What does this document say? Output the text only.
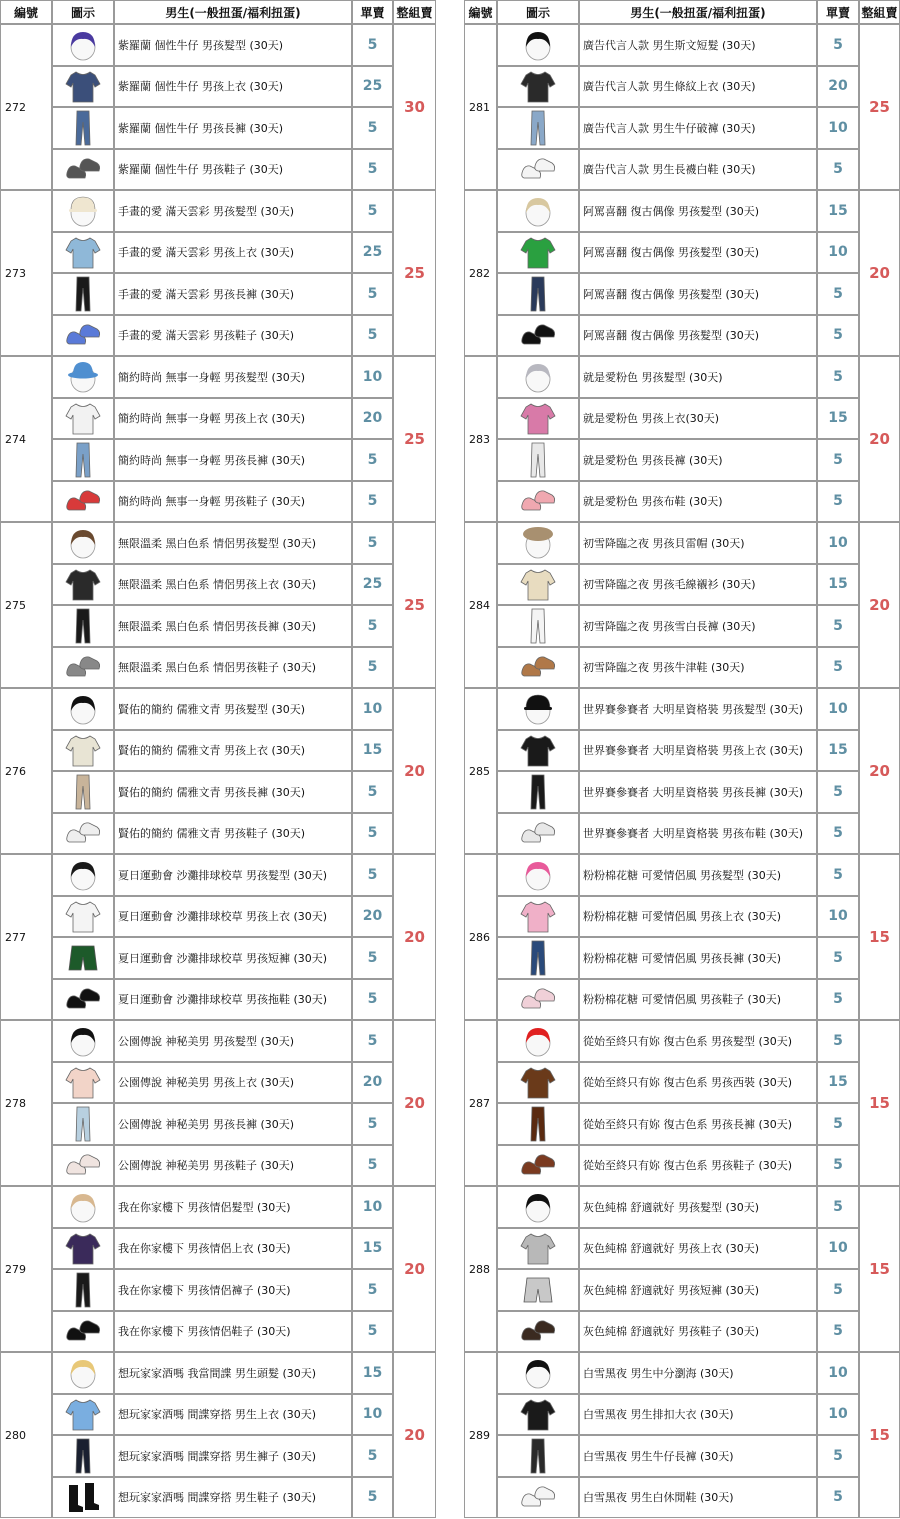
編號	圖示	男生(一般扭蛋/福利扭蛋)	單賣 整組賣	編號	圖示	男生(一般扭蛋/福利扭蛋)	單賣 整組賣
272	30
紫羅蘭 個性牛仔 男孩髮型 (30天)	5
紫羅蘭 個性牛仔 男孩上衣 (30天)	25
紫羅蘭 個性牛仔 男孩長褲 (30天)	5
紫羅蘭 個性牛仔 男孩鞋子 (30天)	5
273	25
手畫的愛 滿天雲彩 男孩髮型 (30天)	5
手畫的愛 滿天雲彩 男孩上衣 (30天)	25
手畫的愛 滿天雲彩 男孩長褲 (30天)	5
手畫的愛 滿天雲彩 男孩鞋子 (30天)	5
274	25
簡約時尚 無事一身輕 男孩髮型 (30天)	10
簡約時尚 無事一身輕 男孩上衣 (30天)	20
簡約時尚 無事一身輕 男孩長褲 (30天)	5
簡約時尚 無事一身輕 男孩鞋子 (30天)	5
275	25
無限溫柔 黑白色系 情侶男孩髮型 (30天)	5
無限溫柔 黑白色系 情侶男孩上衣 (30天)	25
無限溫柔 黑白色系 情侶男孩長褲 (30天)	5
無限溫柔 黑白色系 情侶男孩鞋子 (30天)	5
276	20
賢佑的簡約 儒雅文青 男孩髮型 (30天)	10
賢佑的簡約 儒雅文青 男孩上衣 (30天)	15
賢佑的簡約 儒雅文青 男孩長褲 (30天)	5
賢佑的簡約 儒雅文青 男孩鞋子 (30天)	5
277	20
夏日運動會 沙灘排球校草 男孩髮型 (30天)	5
夏日運動會 沙灘排球校草 男孩上衣 (30天)	20
夏日運動會 沙灘排球校草 男孩短褲 (30天)	5
夏日運動會 沙灘排球校草 男孩拖鞋 (30天)	5
278	20
公園傳說 神秘美男 男孩髮型 (30天)	5
公園傳說 神秘美男 男孩上衣 (30天)	20
公園傳說 神秘美男 男孩長褲 (30天)	5
公園傳說 神秘美男 男孩鞋子 (30天)	5
279	20
我在你家樓下 男孩情侶髮型 (30天)	10
我在你家樓下 男孩情侶上衣 (30天)	15
我在你家樓下 男孩情侶褲子 (30天)	5
我在你家樓下 男孩情侶鞋子 (30天)	5
280	20
想玩家家酒嗎 我當間諜 男生頭髮 (30天)	15
想玩家家酒嗎 間諜穿搭 男生上衣 (30天)	10
想玩家家酒嗎 間諜穿搭 男生褲子 (30天)	5
想玩家家酒嗎 間諜穿搭 男生鞋子 (30天)	5
281	25
廣告代言人款 男生斯文短髮 (30天)	5
廣告代言人款 男生條紋上衣 (30天)	20
廣告代言人款 男生牛仔破褲 (30天)	10
廣告代言人款 男生長襪白鞋 (30天)	5
282	20
阿罵喜翻 復古偶像 男孩髮型 (30天)	15
阿罵喜翻 復古偶像 男孩髮型 (30天)	10
阿罵喜翻 復古偶像 男孩髮型 (30天)	5
阿罵喜翻 復古偶像 男孩髮型 (30天)	5
283	20
就是愛粉色 男孩髮型 (30天)	5
就是愛粉色 男孩上衣(30天)	15
就是愛粉色 男孩長褲 (30天)	5
就是愛粉色 男孩布鞋 (30天)	5
284	20
初雪降臨之夜 男孩貝雷帽 (30天)	10
初雪降臨之夜 男孩毛線襯衫 (30天)	15
初雪降臨之夜 男孩雪白長褲 (30天)	5
初雪降臨之夜 男孩牛津鞋 (30天)	5
285	20
世界賽參賽者 大明星資格裝 男孩髮型 (30天)	10
世界賽參賽者 大明星資格裝 男孩上衣 (30天)	15
世界賽參賽者 大明星資格裝 男孩長褲 (30天)	5
世界賽參賽者 大明星資格裝 男孩布鞋 (30天)	5
286	15
粉粉棉花糖 可愛情侶風 男孩髮型 (30天)	5
粉粉棉花糖 可愛情侶風 男孩上衣 (30天)	10
粉粉棉花糖 可愛情侶風 男孩長褲 (30天)	5
粉粉棉花糖 可愛情侶風 男孩鞋子 (30天)	5
287	15
從始至終只有妳 復古色系 男孩髮型 (30天)	5
從始至終只有妳 復古色系 男孩西裝 (30天)	15
從始至終只有妳 復古色系 男孩長褲 (30天)	5
從始至終只有妳 復古色系 男孩鞋子 (30天)	5
288	15
灰色純棉 舒適就好 男孩髮型 (30天)	5
灰色純棉 舒適就好 男孩上衣 (30天)	10
灰色純棉 舒適就好 男孩短褲 (30天)	5
灰色純棉 舒適就好 男孩鞋子 (30天)	5
289	15
白雪黑夜 男生中分瀏海 (30天)	10
白雪黑夜 男生排扣大衣 (30天)	10
白雪黑夜 男生牛仔長褲 (30天)	5
白雪黑夜 男生白休閒鞋 (30天)	5
